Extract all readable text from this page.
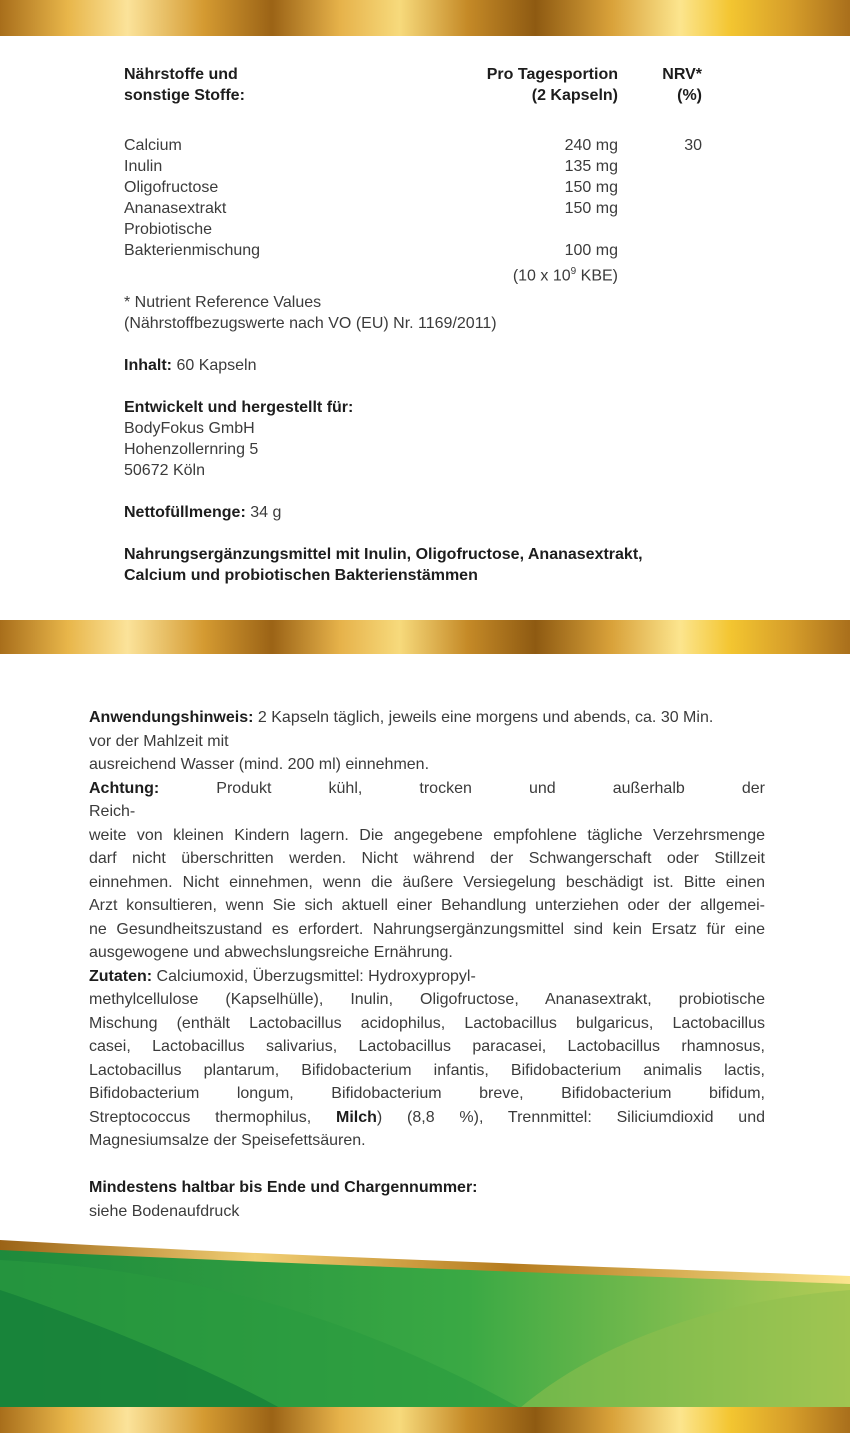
Nährstoffe und	Pro Tagesportion	NRV*
sonstige Stoffe:	(2 Kapseln)	(%)
Calcium	240 mg	30
Inulin	135 mg
Oligofructose	150 mg
Ananasextrakt	150 mg
Probiotische
Bakterienmischung	100 mg
(10 x $10^9$ KBE)
* Nutrient Reference Values
(Nährstoffbezugswerte nach VO (EU) Nr. 1169/2011)
Inhalt: 60 Kapseln
Entwickelt und hergestellt für:
BodyFokus GmbH
Hohenzollernring 5
50672 Köln
Nettofüllmenge: 34 g
Nahrungsergänzungsmittel mit Inulin, Oligofructose, Ananasextrakt,
Calcium und probiotischen Bakterienstämmen
Anwendungshinweis: 2 Kapseln täglich, jeweils eine morgens und abends, ca. 30 Min.
vor der Mahlzeit mit
ausreichend Wasser (mind. 200 ml) einnehmen.
Achtung: Produkt kühl, trocken und außerhalb der Reich-
weite von kleinen Kindern lagern. Die angegebene empfohlene tägliche Verzehrsmenge
darf nicht überschritten werden. Nicht während der Schwangerschaft oder Stillzeit
einnehmen. Nicht einnehmen, wenn die äußere Versiegelung beschädigt ist. Bitte einen
Arzt konsultieren, wenn Sie sich aktuell einer Behandlung unterziehen oder der allgemei-
ne Gesundheitszustand es erfordert. Nahrungsergänzungsmittel sind kein Ersatz für eine
ausgewogene und abwechslungsreiche Ernährung.
Zutaten: Calciumoxid, Überzugsmittel: Hydroxypropyl-
methylcellulose (Kapselhülle), Inulin, Oligofructose, Ananasextrakt, probiotische
Mischung (enthält Lactobacillus acidophilus, Lactobacillus bulgaricus, Lactobacillus
casei, Lactobacillus salivarius, Lactobacillus paracasei, Lactobacillus rhamnosus,
Lactobacillus plantarum, Bifidobacterium infantis, Bifidobacterium animalis lactis,
Bifidobacterium longum, Bifidobacterium breve, Bifidobacterium bifidum,
Streptococcus thermophilus, Milch) (8,8 %), Trennmittel: Siliciumdioxid und
Magnesiumsalze der Speisefettsäuren.
Mindestens haltbar bis Ende und Chargennummer:
siehe Bodenaufdruck
